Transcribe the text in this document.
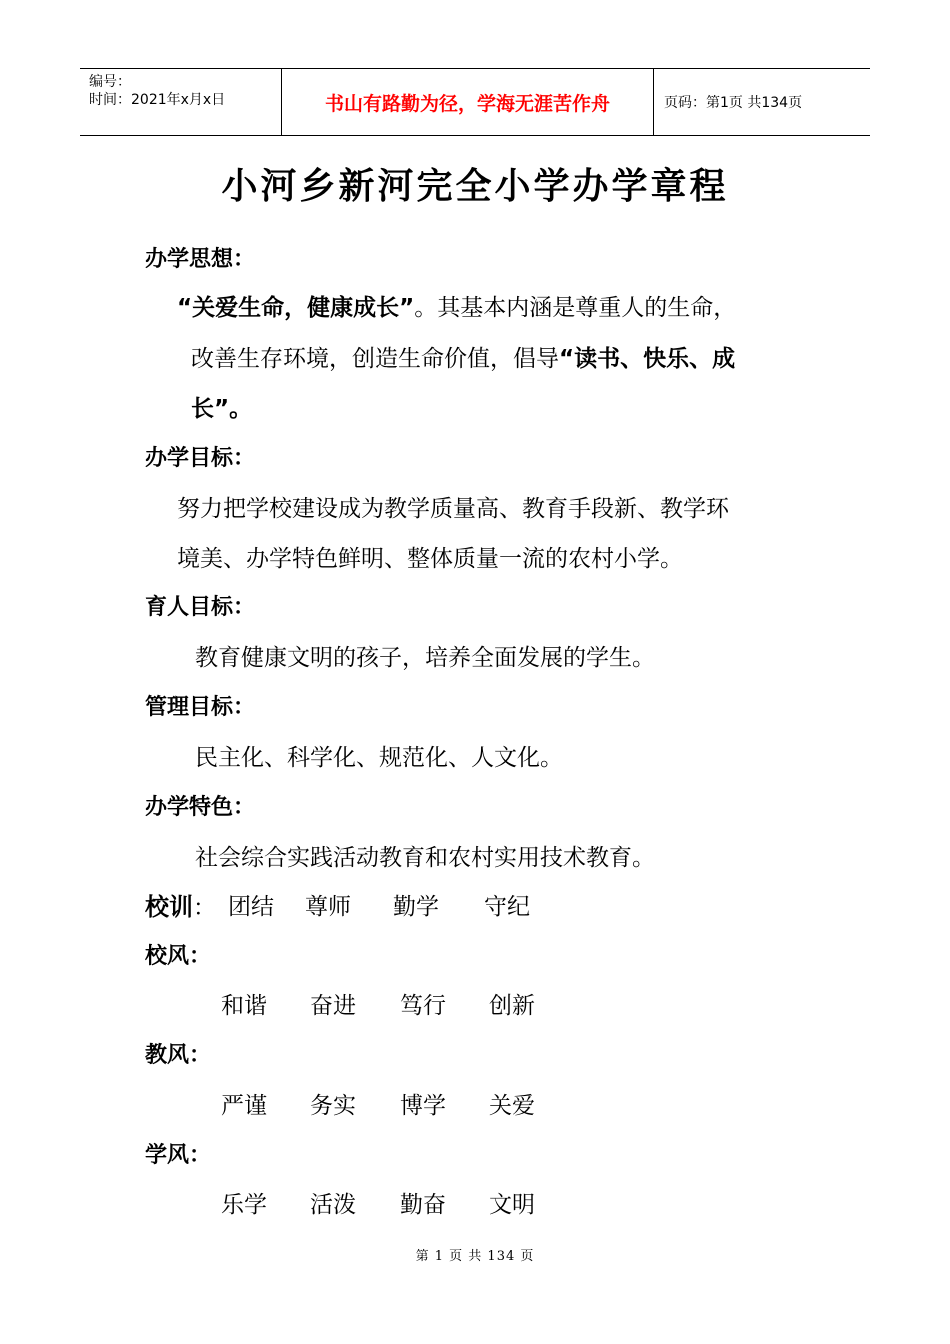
编号：
时间：2021年x月x日	书山有路勤为径，学海无涯苦作舟	页码：第1页 共134页
小河乡新河完全小学办学章程
办学思想：
“关爱生命，健康成长”。其基本内涵是尊重人的生命，
改善生存环境，创造生命价值，倡导“读书、快乐、成
长”。
办学目标：
努力把学校建设成为教学质量高、教育手段新、教学环
境美、办学特色鲜明、整体质量一流的农村小学。
育人目标：
教育健康文明的孩子，培养全面发展的学生。
管理目标：
民主化、科学化、规范化、人文化。
办学特色：
社会综合实践活动教育和农村实用技术教育。
校训： 团结 尊师 勤学 守纪
校风：
和谐 奋进 笃行 创新
教风：
严谨 务实 博学 关爱
学风：
乐学 活泼 勤奋 文明
第 1 页 共 134 页
